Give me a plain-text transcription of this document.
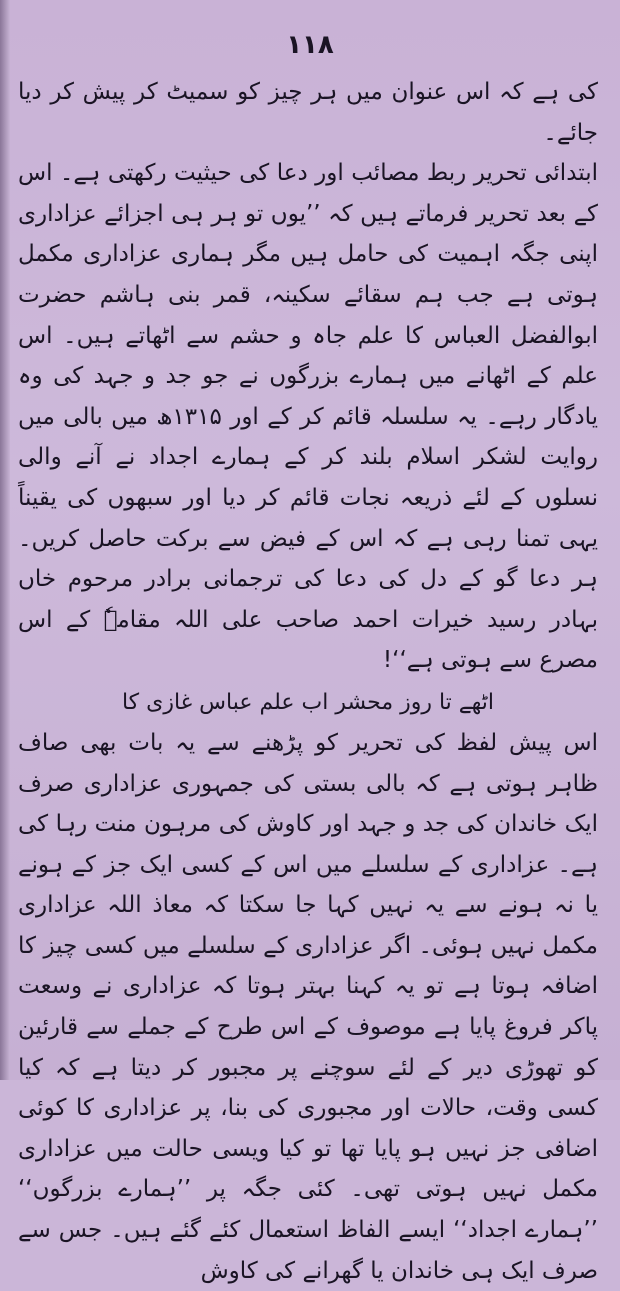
۱۱۸

کی ہے کہ اس عنوان میں ہر چیز کو سمیٹ کر پیش کر دیا جائے۔

ابتدائی تحریر ربط مصائب اور دعا کی حیثیت رکھتی ہے۔ اس کے بعد تحریر فرماتے ہیں کہ ’’یوں تو ہر ہی اجزائے عزاداری اپنی جگہ اہمیت کی حامل ہیں مگر ہماری عزاداری مکمل ہوتی ہے جب ہم سقائے سکینہ، قمر بنی ہاشم حضرت ابوالفضل العباس کا علم جاہ و حشم سے اٹھاتے ہیں۔ اس علم کے اٹھانے میں ہمارے بزرگوں نے جو جد و جہد کی وہ یادگار رہے۔ یہ سلسلہ قائم کر کے اور ۱۳۱۵ھ میں بالی میں روایت لشکر اسلام بلند کر کے ہمارے اجداد نے آنے والی نسلوں کے لئے ذریعہ نجات قائم کر دیا اور سبھوں کی یقیناً یہی تمنا رہی ہے کہ اس کے فیض سے برکت حاصل کریں۔ ہر دعا گو کے دل کی دعا کی ترجمانی برادر مرحوم خاں بہادر رسید خیرات احمد صاحب علی اللہ مقامہٗ کے اس مصرع سے ہوتی ہے‘‘!

اٹھے تا روز محشر اب علم عباس غازی کا

اس پیش لفظ کی تحریر کو پڑھنے سے یہ بات بھی صاف ظاہر ہوتی ہے کہ بالی بستی کی جمہوری عزاداری صرف ایک خاندان کی جد و جہد اور کاوش کی مرہون منت رہا کی ہے۔ عزاداری کے سلسلے میں اس کے کسی ایک جز کے ہونے یا نہ ہونے سے یہ نہیں کہا جا سکتا کہ معاذ اللہ عزاداری مکمل نہیں ہوئی۔ اگر عزاداری کے سلسلے میں کسی چیز کا اضافہ ہوتا ہے تو یہ کہنا بہتر ہوتا کہ عزاداری نے وسعت پاکر فروغ پایا ہے موصوف کے اس طرح کے جملے سے قارئین کو تھوڑی دیر کے لئے سوچنے پر مجبور کر دیتا ہے کہ کیا کسی وقت، حالات اور مجبوری کی بنا، پر عزاداری کا کوئی اضافی جز نہیں ہو پایا تھا تو کیا ویسی حالت میں عزاداری مکمل نہیں ہوتی تھی۔ کئی جگہ پر ’’ہمارے بزرگوں‘‘ ’’ہمارے اجداد‘‘ ایسے الفاظ استعمال کئے گئے ہیں۔ جس سے صرف ایک ہی خاندان یا گھرانے کی کاوش
